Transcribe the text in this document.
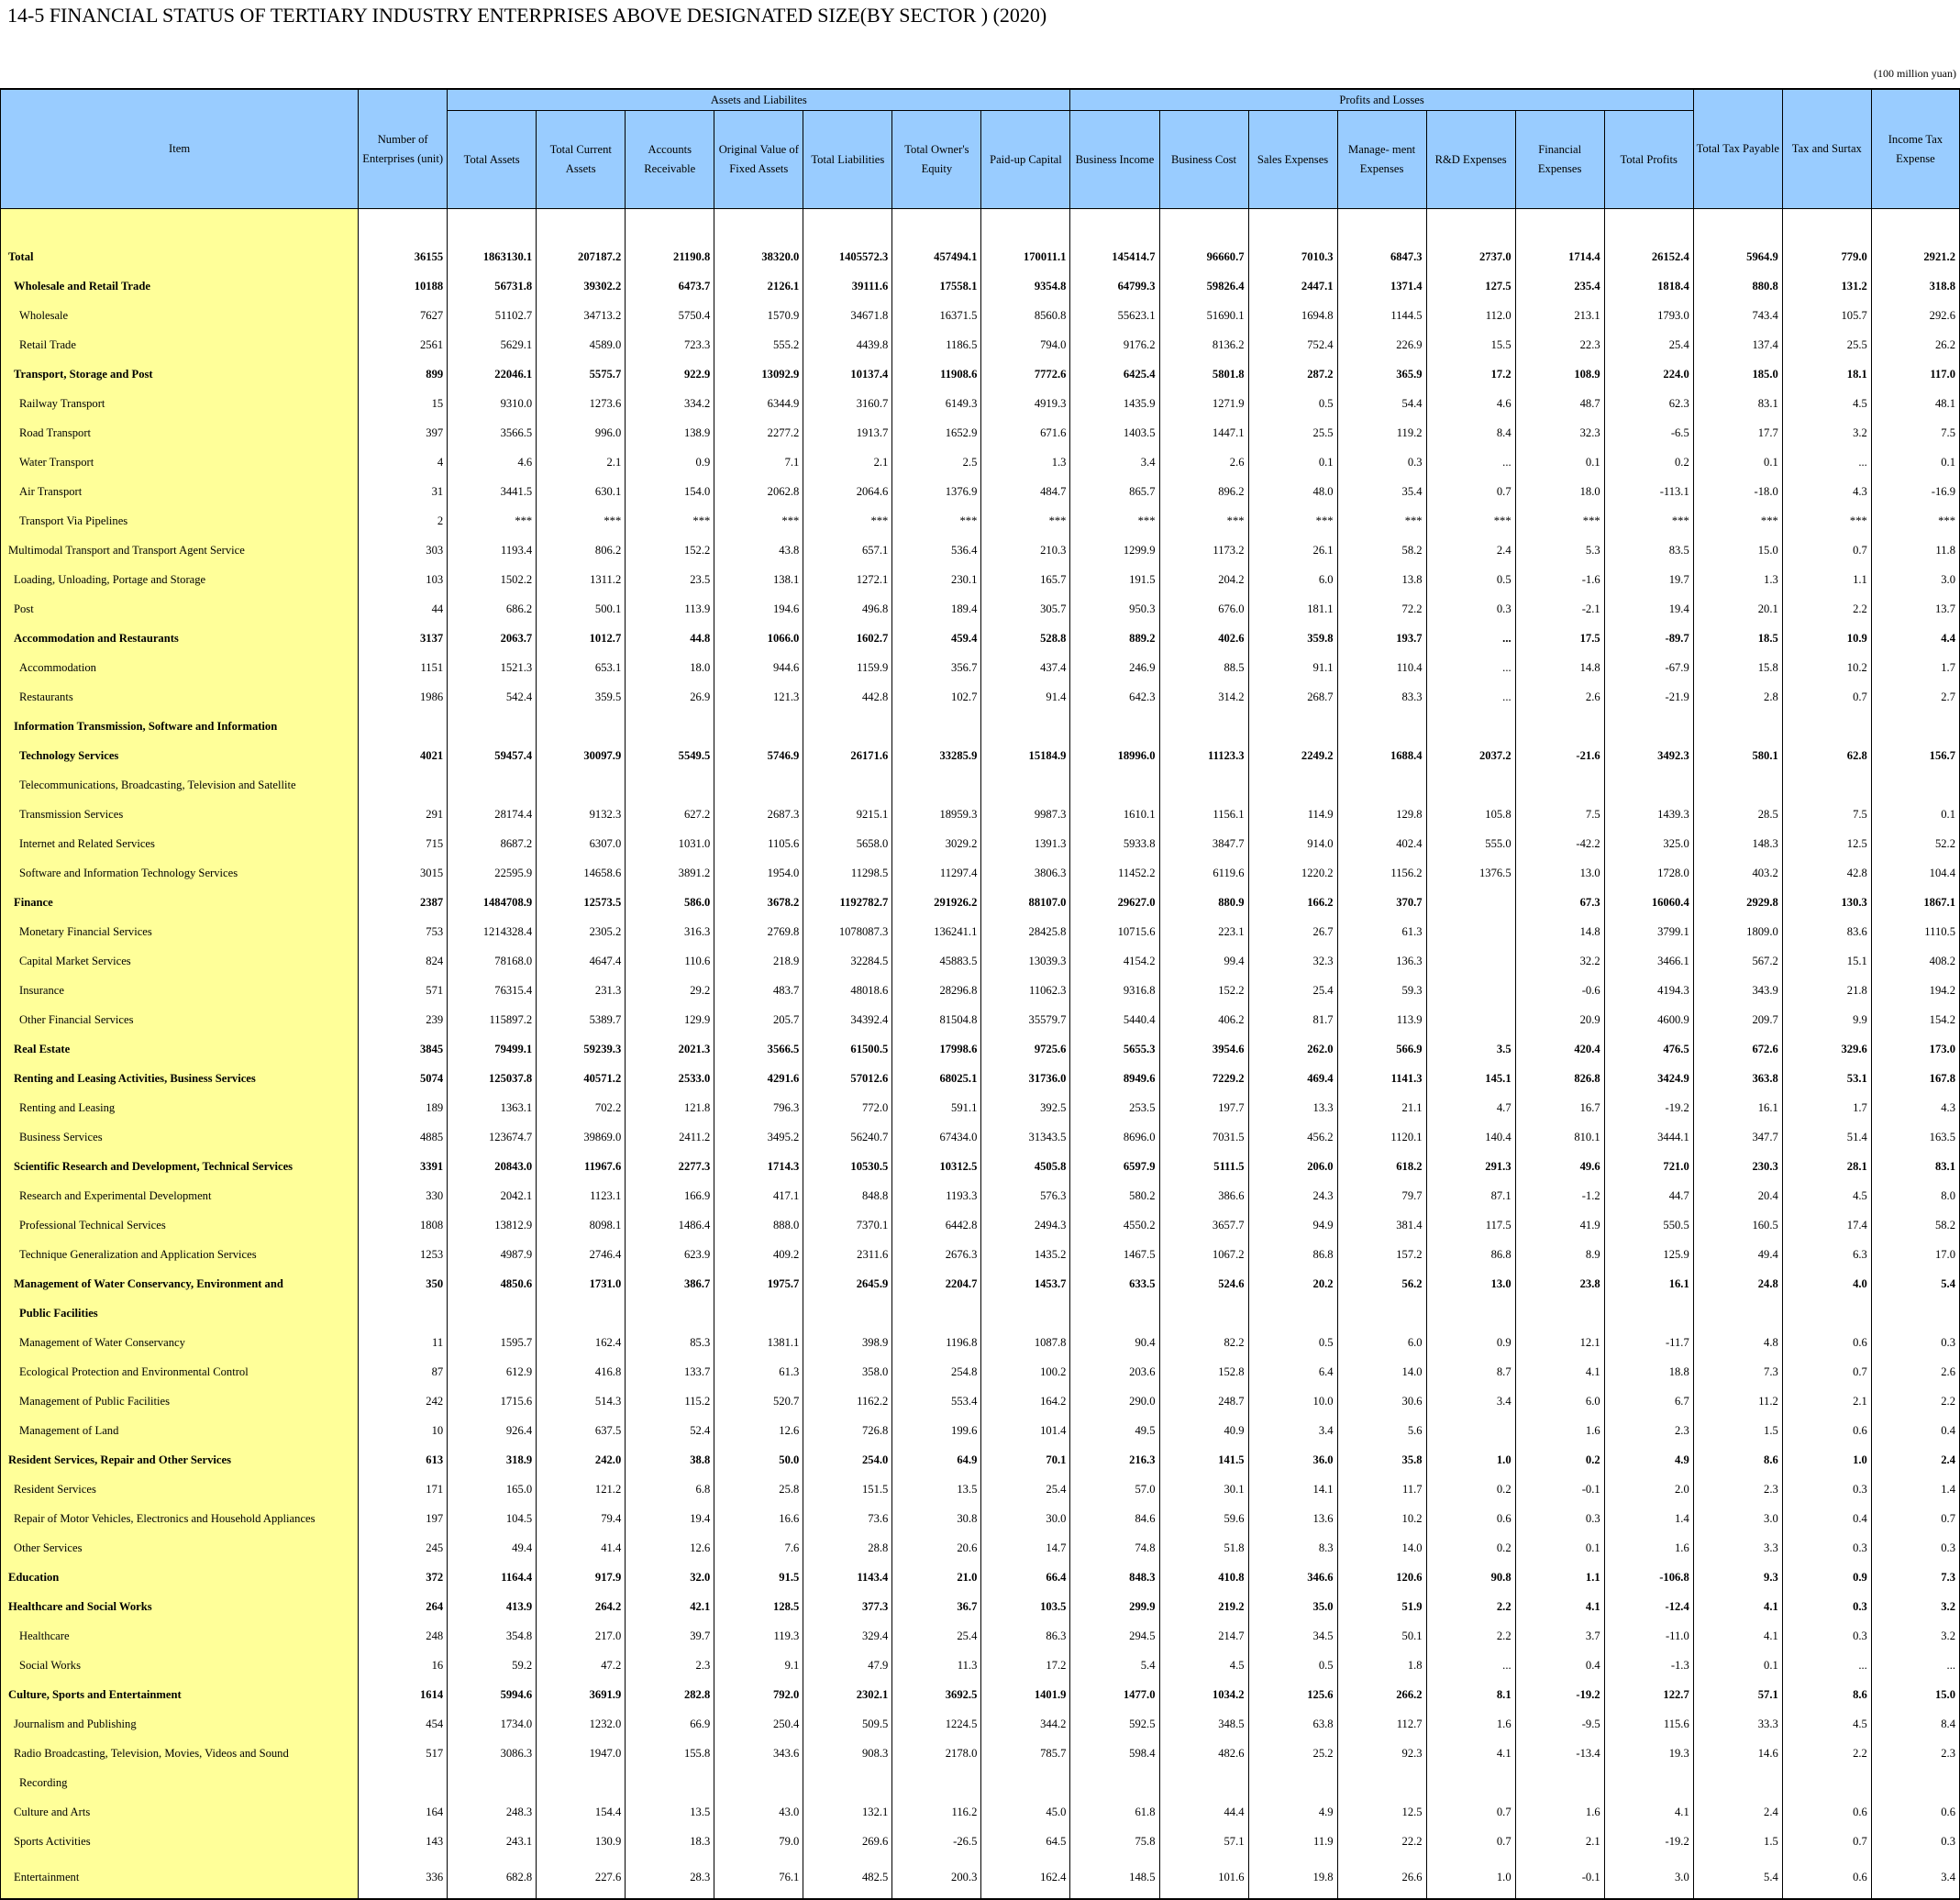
14-5 FINANCIAL STATUS OF TERTIARY INDUSTRY ENTERPRISES ABOVE DESIGNATED SIZE(BY SECTOR ) (2020)
(100 million yuan)
Item	Number of Enterprises (unit)	Assets and Liabilites							Profits and Losses							Total Tax Payable	Tax and Surtax	Income Tax Expense
		Total Assets	Total Current Assets	Accounts Receivable	Original Value of Fixed Assets	Total Liabilities	Total Owner's Equity	Paid-up Capital	Business Income	Business Cost	Sales Expenses	Manage- ment Expenses	R&D Expenses	Financial Expenses	Total Profits			

Total	36155	1863130.1	207187.2	21190.8	38320.0	1405572.3	457494.1	170011.1	145414.7	96660.7	7010.3	6847.3	2737.0	1714.4	26152.4	5964.9	779.0	2921.2
Wholesale and Retail Trade	10188	56731.8	39302.2	6473.7	2126.1	39111.6	17558.1	9354.8	64799.3	59826.4	2447.1	1371.4	127.5	235.4	1818.4	880.8	131.2	318.8
Wholesale	7627	51102.7	34713.2	5750.4	1570.9	34671.8	16371.5	8560.8	55623.1	51690.1	1694.8	1144.5	112.0	213.1	1793.0	743.4	105.7	292.6
Retail Trade	2561	5629.1	4589.0	723.3	555.2	4439.8	1186.5	794.0	9176.2	8136.2	752.4	226.9	15.5	22.3	25.4	137.4	25.5	26.2
Transport, Storage and Post	899	22046.1	5575.7	922.9	13092.9	10137.4	11908.6	7772.6	6425.4	5801.8	287.2	365.9	17.2	108.9	224.0	185.0	18.1	117.0
Railway Transport	15	9310.0	1273.6	334.2	6344.9	3160.7	6149.3	4919.3	1435.9	1271.9	0.5	54.4	4.6	48.7	62.3	83.1	4.5	48.1
Road Transport	397	3566.5	996.0	138.9	2277.2	1913.7	1652.9	671.6	1403.5	1447.1	25.5	119.2	8.4	32.3	-6.5	17.7	3.2	7.5
Water Transport	4	4.6	2.1	0.9	7.1	2.1	2.5	1.3	3.4	2.6	0.1	0.3	...	0.1	0.2	0.1	...	0.1
Air Transport	31	3441.5	630.1	154.0	2062.8	2064.6	1376.9	484.7	865.7	896.2	48.0	35.4	0.7	18.0	-113.1	-18.0	4.3	-16.9
Transport Via Pipelines	2	***	***	***	***	***	***	***	***	***	***	***	***	***	***	***	***	***
Multimodal Transport and Transport Agent Service	303	1193.4	806.2	152.2	43.8	657.1	536.4	210.3	1299.9	1173.2	26.1	58.2	2.4	5.3	83.5	15.0	0.7	11.8
Loading, Unloading, Portage and Storage	103	1502.2	1311.2	23.5	138.1	1272.1	230.1	165.7	191.5	204.2	6.0	13.8	0.5	-1.6	19.7	1.3	1.1	3.0
Post	44	686.2	500.1	113.9	194.6	496.8	189.4	305.7	950.3	676.0	181.1	72.2	0.3	-2.1	19.4	20.1	2.2	13.7
Accommodation and Restaurants	3137	2063.7	1012.7	44.8	1066.0	1602.7	459.4	528.8	889.2	402.6	359.8	193.7	...	17.5	-89.7	18.5	10.9	4.4
Accommodation	1151	1521.3	653.1	18.0	944.6	1159.9	356.7	437.4	246.9	88.5	91.1	110.4	...	14.8	-67.9	15.8	10.2	1.7
Restaurants	1986	542.4	359.5	26.9	121.3	442.8	102.7	91.4	642.3	314.2	268.7	83.3	...	2.6	-21.9	2.8	0.7	2.7
Information Transmission, Software and Information																		
Technology Services	4021	59457.4	30097.9	5549.5	5746.9	26171.6	33285.9	15184.9	18996.0	11123.3	2249.2	1688.4	2037.2	-21.6	3492.3	580.1	62.8	156.7
Telecommunications, Broadcasting, Television and Satellite																		
Transmission Services	291	28174.4	9132.3	627.2	2687.3	9215.1	18959.3	9987.3	1610.1	1156.1	114.9	129.8	105.8	7.5	1439.3	28.5	7.5	0.1
Internet and Related Services	715	8687.2	6307.0	1031.0	1105.6	5658.0	3029.2	1391.3	5933.8	3847.7	914.0	402.4	555.0	-42.2	325.0	148.3	12.5	52.2
Software and Information Technology Services	3015	22595.9	14658.6	3891.2	1954.0	11298.5	11297.4	3806.3	11452.2	6119.6	1220.2	1156.2	1376.5	13.0	1728.0	403.2	42.8	104.4
Finance	2387	1484708.9	12573.5	586.0	3678.2	1192782.7	291926.2	88107.0	29627.0	880.9	166.2	370.7		67.3	16060.4	2929.8	130.3	1867.1
Monetary Financial Services	753	1214328.4	2305.2	316.3	2769.8	1078087.3	136241.1	28425.8	10715.6	223.1	26.7	61.3		14.8	3799.1	1809.0	83.6	1110.5
Capital Market Services	824	78168.0	4647.4	110.6	218.9	32284.5	45883.5	13039.3	4154.2	99.4	32.3	136.3		32.2	3466.1	567.2	15.1	408.2
Insurance	571	76315.4	231.3	29.2	483.7	48018.6	28296.8	11062.3	9316.8	152.2	25.4	59.3		-0.6	4194.3	343.9	21.8	194.2
Other Financial Services	239	115897.2	5389.7	129.9	205.7	34392.4	81504.8	35579.7	5440.4	406.2	81.7	113.9		20.9	4600.9	209.7	9.9	154.2
Real Estate	3845	79499.1	59239.3	2021.3	3566.5	61500.5	17998.6	9725.6	5655.3	3954.6	262.0	566.9	3.5	420.4	476.5	672.6	329.6	173.0
Renting and Leasing Activities, Business Services	5074	125037.8	40571.2	2533.0	4291.6	57012.6	68025.1	31736.0	8949.6	7229.2	469.4	1141.3	145.1	826.8	3424.9	363.8	53.1	167.8
Renting and Leasing	189	1363.1	702.2	121.8	796.3	772.0	591.1	392.5	253.5	197.7	13.3	21.1	4.7	16.7	-19.2	16.1	1.7	4.3
Business Services	4885	123674.7	39869.0	2411.2	3495.2	56240.7	67434.0	31343.5	8696.0	7031.5	456.2	1120.1	140.4	810.1	3444.1	347.7	51.4	163.5
Scientific Research and Development, Technical Services	3391	20843.0	11967.6	2277.3	1714.3	10530.5	10312.5	4505.8	6597.9	5111.5	206.0	618.2	291.3	49.6	721.0	230.3	28.1	83.1
Research and Experimental Development	330	2042.1	1123.1	166.9	417.1	848.8	1193.3	576.3	580.2	386.6	24.3	79.7	87.1	-1.2	44.7	20.4	4.5	8.0
Professional Technical Services	1808	13812.9	8098.1	1486.4	888.0	7370.1	6442.8	2494.3	4550.2	3657.7	94.9	381.4	117.5	41.9	550.5	160.5	17.4	58.2
Technique Generalization and Application Services	1253	4987.9	2746.4	623.9	409.2	2311.6	2676.3	1435.2	1467.5	1067.2	86.8	157.2	86.8	8.9	125.9	49.4	6.3	17.0
Management of Water Conservancy, Environment and	350	4850.6	1731.0	386.7	1975.7	2645.9	2204.7	1453.7	633.5	524.6	20.2	56.2	13.0	23.8	16.1	24.8	4.0	5.4
Public Facilities																		
Management of Water Conservancy	11	1595.7	162.4	85.3	1381.1	398.9	1196.8	1087.8	90.4	82.2	0.5	6.0	0.9	12.1	-11.7	4.8	0.6	0.3
Ecological Protection and Environmental Control	87	612.9	416.8	133.7	61.3	358.0	254.8	100.2	203.6	152.8	6.4	14.0	8.7	4.1	18.8	7.3	0.7	2.6
Management of Public Facilities	242	1715.6	514.3	115.2	520.7	1162.2	553.4	164.2	290.0	248.7	10.0	30.6	3.4	6.0	6.7	11.2	2.1	2.2
Management of Land	10	926.4	637.5	52.4	12.6	726.8	199.6	101.4	49.5	40.9	3.4	5.6		1.6	2.3	1.5	0.6	0.4
Resident Services, Repair and Other Services	613	318.9	242.0	38.8	50.0	254.0	64.9	70.1	216.3	141.5	36.0	35.8	1.0	0.2	4.9	8.6	1.0	2.4
Resident Services	171	165.0	121.2	6.8	25.8	151.5	13.5	25.4	57.0	30.1	14.1	11.7	0.2	-0.1	2.0	2.3	0.3	1.4
Repair of Motor Vehicles, Electronics and Household Appliances	197	104.5	79.4	19.4	16.6	73.6	30.8	30.0	84.6	59.6	13.6	10.2	0.6	0.3	1.4	3.0	0.4	0.7
Other Services	245	49.4	41.4	12.6	7.6	28.8	20.6	14.7	74.8	51.8	8.3	14.0	0.2	0.1	1.6	3.3	0.3	0.3
Education	372	1164.4	917.9	32.0	91.5	1143.4	21.0	66.4	848.3	410.8	346.6	120.6	90.8	1.1	-106.8	9.3	0.9	7.3
Healthcare and Social Works	264	413.9	264.2	42.1	128.5	377.3	36.7	103.5	299.9	219.2	35.0	51.9	2.2	4.1	-12.4	4.1	0.3	3.2
Healthcare	248	354.8	217.0	39.7	119.3	329.4	25.4	86.3	294.5	214.7	34.5	50.1	2.2	3.7	-11.0	4.1	0.3	3.2
Social Works	16	59.2	47.2	2.3	9.1	47.9	11.3	17.2	5.4	4.5	0.5	1.8	...	0.4	-1.3	0.1	...	...
Culture, Sports and Entertainment	1614	5994.6	3691.9	282.8	792.0	2302.1	3692.5	1401.9	1477.0	1034.2	125.6	266.2	8.1	-19.2	122.7	57.1	8.6	15.0
Journalism and Publishing	454	1734.0	1232.0	66.9	250.4	509.5	1224.5	344.2	592.5	348.5	63.8	112.7	1.6	-9.5	115.6	33.3	4.5	8.4
Radio Broadcasting, Television, Movies, Videos and Sound	517	3086.3	1947.0	155.8	343.6	908.3	2178.0	785.7	598.4	482.6	25.2	92.3	4.1	-13.4	19.3	14.6	2.2	2.3
Recording																		
Culture and Arts	164	248.3	154.4	13.5	43.0	132.1	116.2	45.0	61.8	44.4	4.9	12.5	0.7	1.6	4.1	2.4	0.6	0.6
Sports Activities	143	243.1	130.9	18.3	79.0	269.6	-26.5	64.5	75.8	57.1	11.9	22.2	0.7	2.1	-19.2	1.5	0.7	0.3
Entertainment	336	682.8	227.6	28.3	76.1	482.5	200.3	162.4	148.5	101.6	19.8	26.6	1.0	-0.1	3.0	5.4	0.6	3.4
